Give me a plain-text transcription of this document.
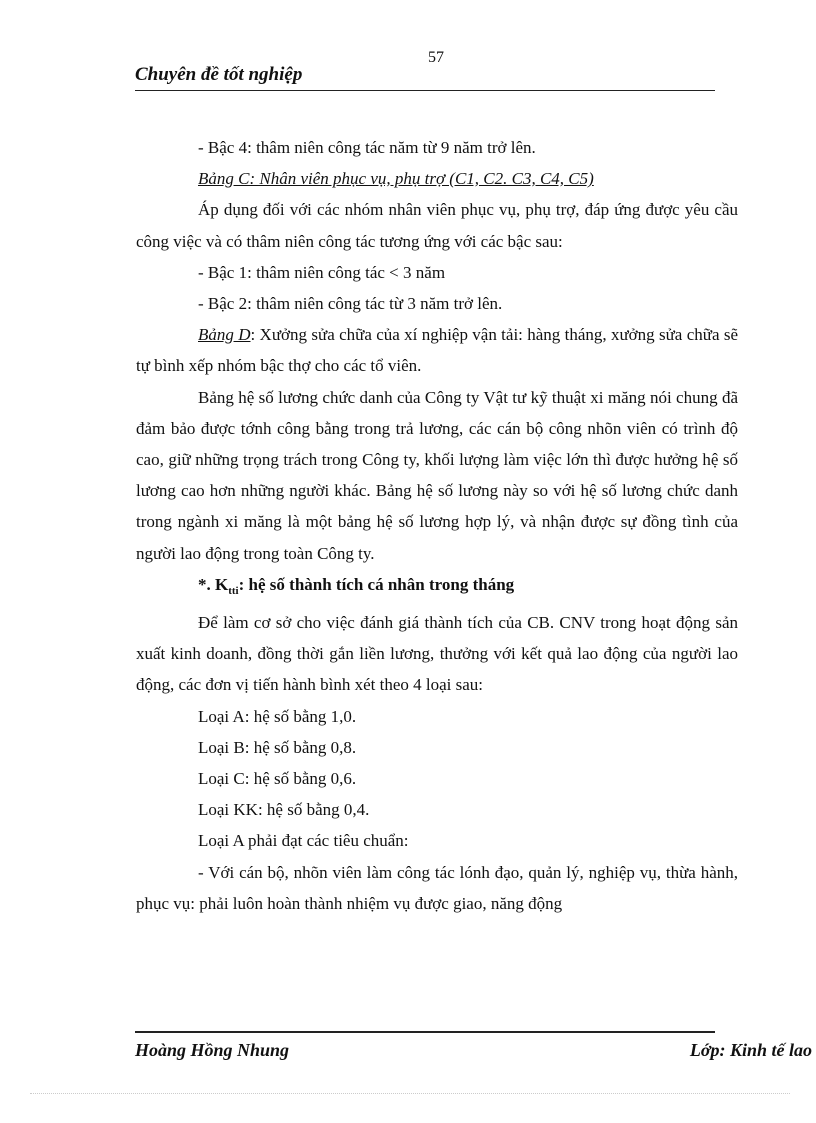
57
Chuyên đề tốt nghiệp

- Bậc 4: thâm niên công tác năm từ 9 năm trở lên.

Bảng C: Nhân viên phục vụ, phụ trợ (C1, C2. C3, C4, C5)

Áp dụng đối với các nhóm nhân viên phục vụ, phụ trợ, đáp ứng được yêu cầu công việc và có thâm niên công tác tương ứng với các bậc sau:

- Bậc 1: thâm niên công tác < 3 năm

- Bậc 2: thâm niên công tác từ 3 năm trở lên.

Bảng D: Xưởng sửa chữa của xí nghiệp vận tải: hàng tháng, xưởng sửa chữa sẽ tự bình xếp nhóm bậc thợ cho các tổ viên.

Bảng hệ số lương chức danh của Công ty Vật tư kỹ thuật xi măng nói chung đã đảm bảo được tớnh công bằng trong trả lương, các cán bộ công nhõn viên có trình độ cao, giữ những trọng trách trong Công ty, khối lượng làm việc lớn thì được hưởng hệ số lương cao hơn những người khác. Bảng hệ số lương này so với hệ số lương chức danh trong ngành xi măng là một bảng hệ số lương hợp lý, và nhận được sự đồng tình của người lao động trong toàn Công ty.

*. $K_{tti}$: hệ số thành tích cá nhân trong tháng

Để làm cơ sở cho việc đánh giá thành tích của CB. CNV trong hoạt động sản xuất kinh doanh, đồng thời gắn liền lương, thưởng với kết quả lao động của người lao động, các đơn vị tiến hành bình xét theo 4 loại sau:

Loại A: hệ số bằng 1,0.

Loại B: hệ số bằng 0,8.

Loại C: hệ số bằng 0,6.

Loại KK: hệ số bằng 0,4.

Loại A phải đạt các tiêu chuẩn:

- Với cán bộ, nhõn viên làm công tác lónh đạo, quản lý, nghiệp vụ, thừa hành, phục vụ: phải luôn hoàn thành nhiệm vụ được giao, năng động

Hoàng Hồng Nhung	Lớp: Kinh tế lao
